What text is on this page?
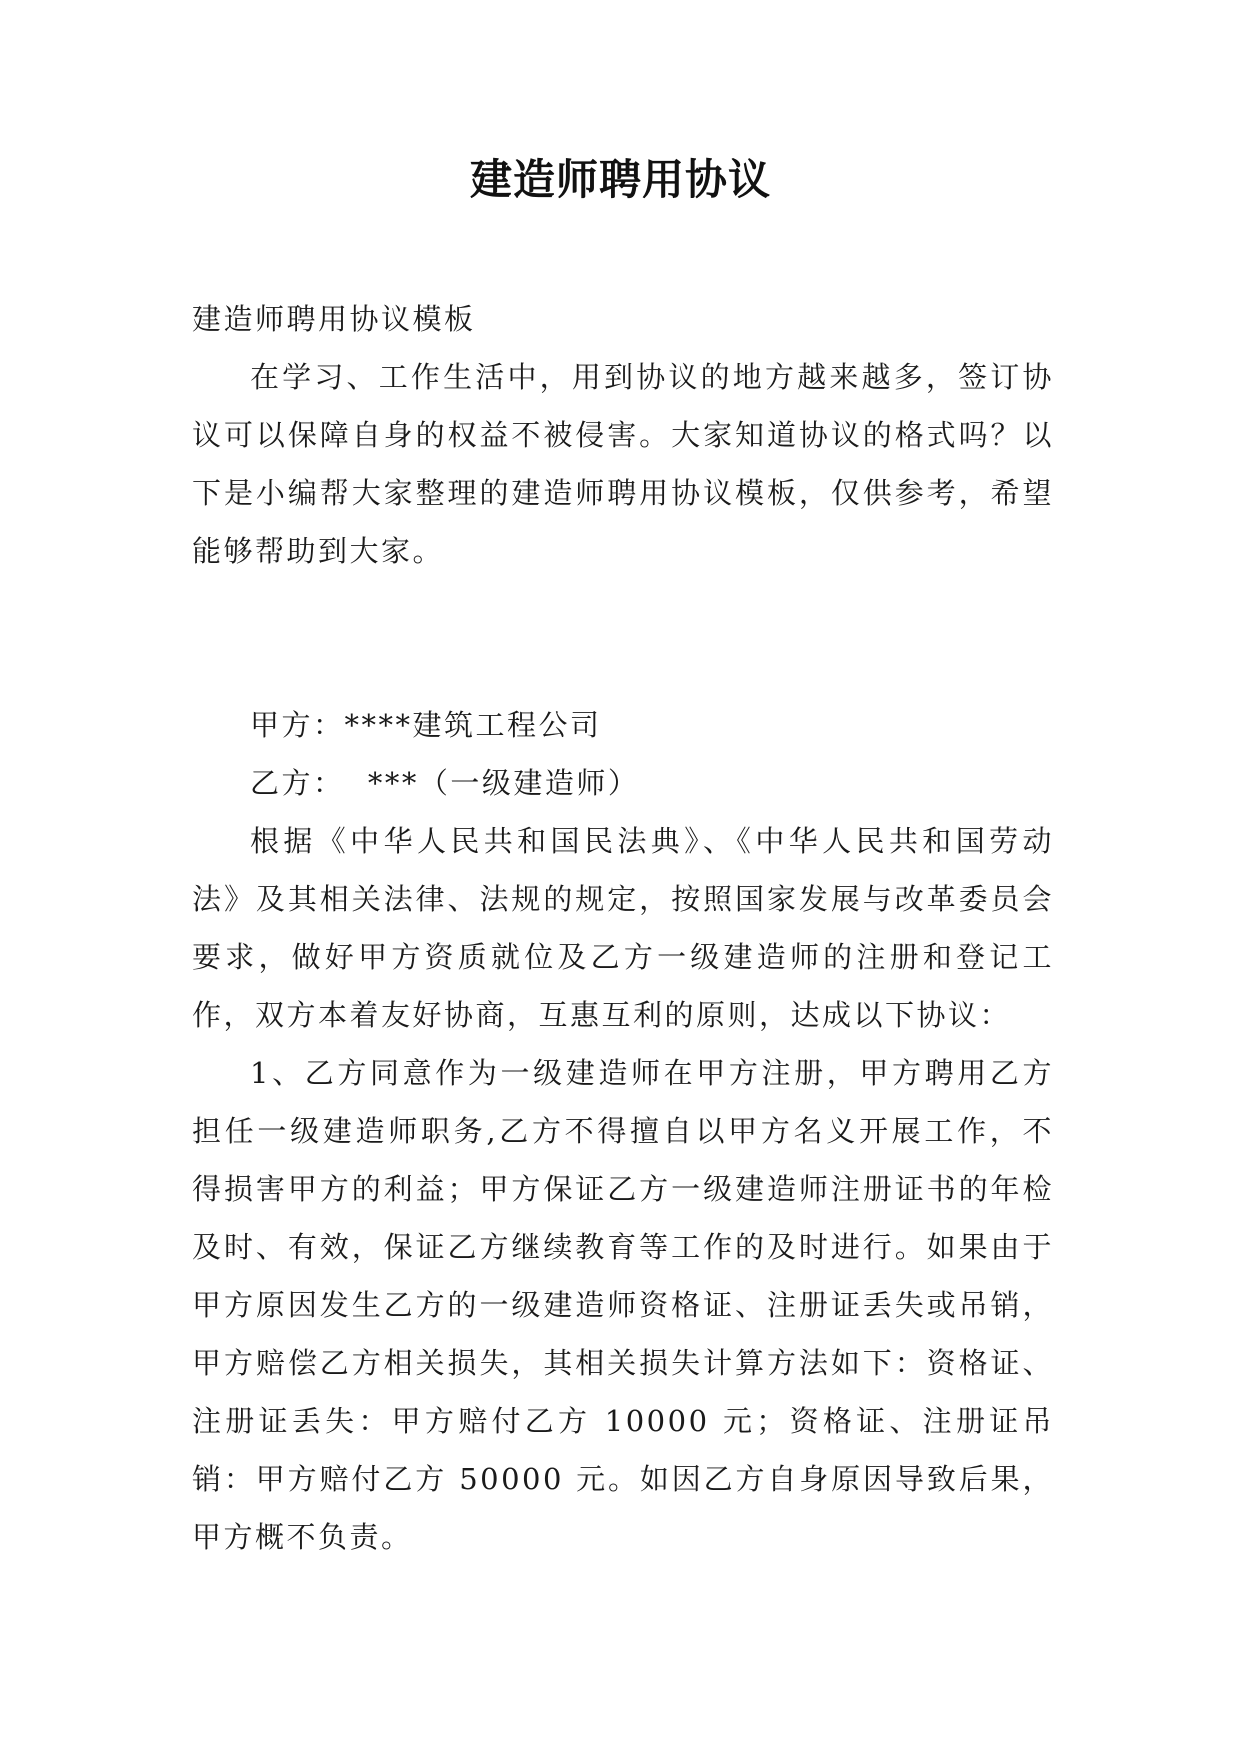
建造师聘用协议

建造师聘用协议模板

在学习、工作生活中，用到协议的地方越来越多，签订协议可以保障自身的权益不被侵害。大家知道协议的格式吗？以下是小编帮大家整理的建造师聘用协议模板，仅供参考，希望能够帮助到大家。

甲方：****建筑工程公司

乙方：  ***（一级建造师）

根据《中华人民共和国民法典》、《中华人民共和国劳动法》及其相关法律、法规的规定，按照国家发展与改革委员会要求，做好甲方资质就位及乙方一级建造师的注册和登记工作，双方本着友好协商，互惠互利的原则，达成以下协议：

1、乙方同意作为一级建造师在甲方注册，甲方聘用乙方担任一级建造师职务,乙方不得擅自以甲方名义开展工作，不得损害甲方的利益；甲方保证乙方一级建造师注册证书的年检及时、有效，保证乙方继续教育等工作的及时进行。如果由于甲方原因发生乙方的一级建造师资格证、注册证丢失或吊销，甲方赔偿乙方相关损失，其相关损失计算方法如下：资格证、注册证丢失：甲方赔付乙方 10000 元；资格证、注册证吊销：甲方赔付乙方 50000 元。如因乙方自身原因导致后果，甲方概不负责。
